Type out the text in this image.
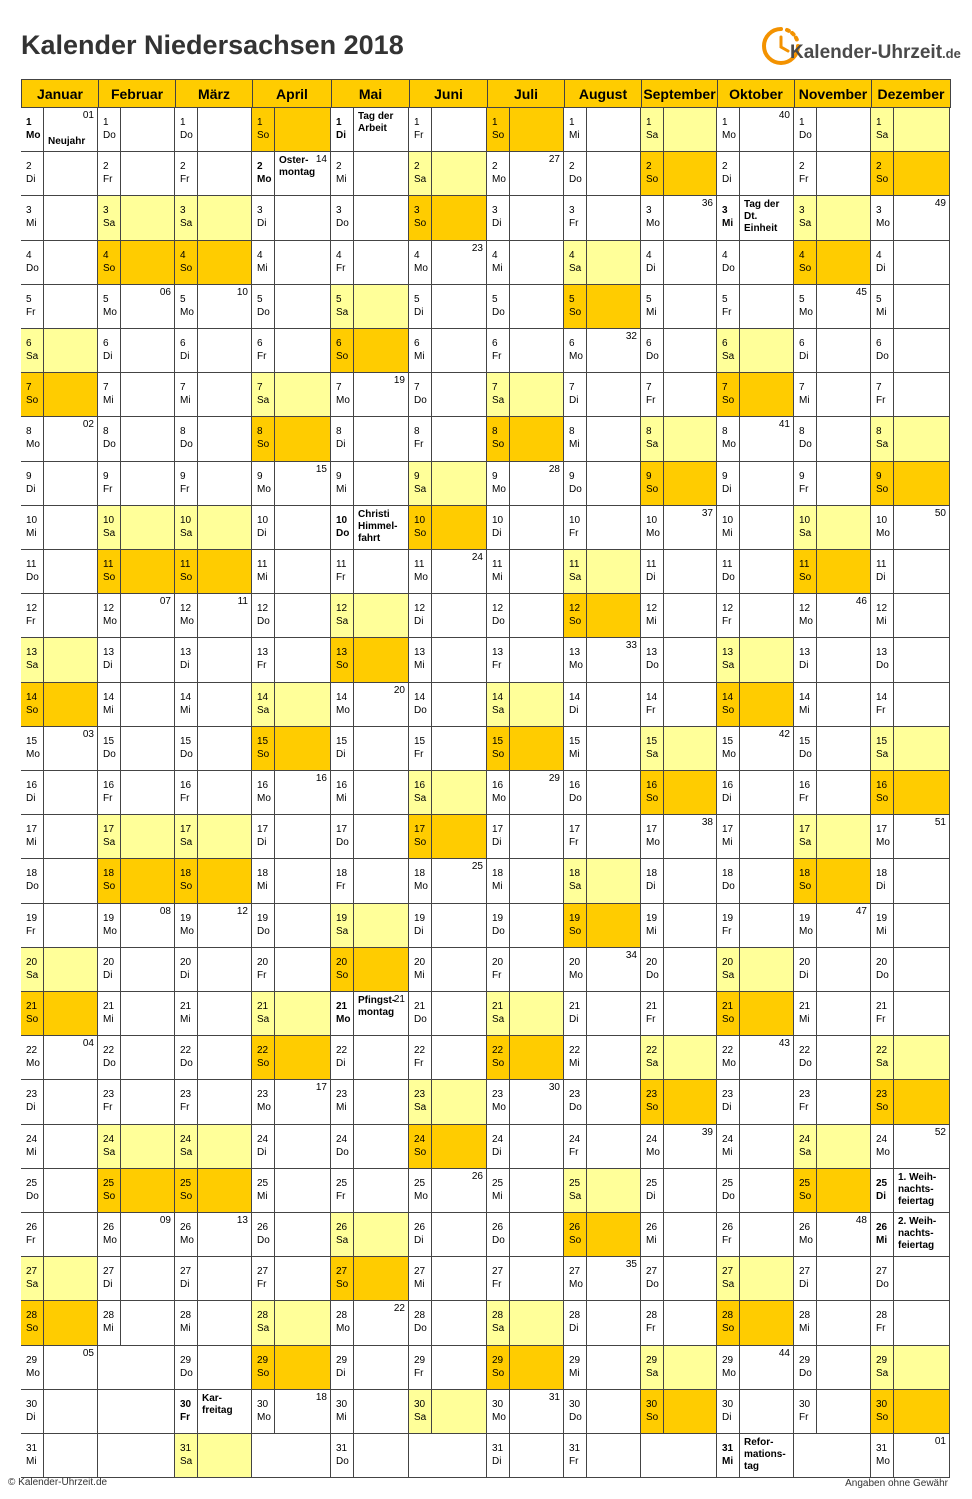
Kalender Niedersachsen 2018	Kalender-Uhrzeit.de
Januar
1
Mo
01
Neujahr
2
Di
3
Mi
4
Do
5
Fr
6
Sa
7
So
8
Mo
02
9
Di
10
Mi
11
Do
12
Fr
13
Sa
14
So
15
Mo
03
16
Di
17
Mi
18
Do
19
Fr
20
Sa
21
So
22
Mo
04
23
Di
24
Mi
25
Do
26
Fr
27
Sa
28
So
29
Mo
05
30
Di
31
Mi
Februar
1
Do
2
Fr
3
Sa
4
So
5
Mo
06
6
Di
7
Mi
8
Do
9
Fr
10
Sa
11
So
12
Mo
07
13
Di
14
Mi
15
Do
16
Fr
17
Sa
18
So
19
Mo
08
20
Di
21
Mi
22
Do
23
Fr
24
Sa
25
So
26
Mo
09
27
Di
28
Mi
März
1
Do
2
Fr
3
Sa
4
So
5
Mo
10
6
Di
7
Mi
8
Do
9
Fr
10
Sa
11
So
12
Mo
11
13
Di
14
Mi
15
Do
16
Fr
17
Sa
18
So
19
Mo
12
20
Di
21
Mi
22
Do
23
Fr
24
Sa
25
So
26
Mo
13
27
Di
28
Mi
29
Do
30
Fr
Kar-
freitag
31
Sa
April
1
So
2
Mo
14
Oster-
montag
3
Di
4
Mi
5
Do
6
Fr
7
Sa
8
So
9
Mo
15
10
Di
11
Mi
12
Do
13
Fr
14
Sa
15
So
16
Mo
16
17
Di
18
Mi
19
Do
20
Fr
21
Sa
22
So
23
Mo
17
24
Di
25
Mi
26
Do
27
Fr
28
Sa
29
So
30
Mo
18
Mai
1
Di
Tag der
Arbeit
2
Mi
3
Do
4
Fr
5
Sa
6
So
7
Mo
19
8
Di
9
Mi
10
Do
Christi
Himmel-
fahrt
11
Fr
12
Sa
13
So
14
Mo
20
15
Di
16
Mi
17
Do
18
Fr
19
Sa
20
So
21
Mo
21
Pfingst-
montag
22
Di
23
Mi
24
Do
25
Fr
26
Sa
27
So
28
Mo
22
29
Di
30
Mi
31
Do
Juni
1
Fr
2
Sa
3
So
4
Mo
23
5
Di
6
Mi
7
Do
8
Fr
9
Sa
10
So
11
Mo
24
12
Di
13
Mi
14
Do
15
Fr
16
Sa
17
So
18
Mo
25
19
Di
20
Mi
21
Do
22
Fr
23
Sa
24
So
25
Mo
26
26
Di
27
Mi
28
Do
29
Fr
30
Sa
Juli
1
So
2
Mo
27
3
Di
4
Mi
5
Do
6
Fr
7
Sa
8
So
9
Mo
28
10
Di
11
Mi
12
Do
13
Fr
14
Sa
15
So
16
Mo
29
17
Di
18
Mi
19
Do
20
Fr
21
Sa
22
So
23
Mo
30
24
Di
25
Mi
26
Do
27
Fr
28
Sa
29
So
30
Mo
31
31
Di
August
1
Mi
2
Do
3
Fr
4
Sa
5
So
6
Mo
32
7
Di
8
Mi
9
Do
10
Fr
11
Sa
12
So
13
Mo
33
14
Di
15
Mi
16
Do
17
Fr
18
Sa
19
So
20
Mo
34
21
Di
22
Mi
23
Do
24
Fr
25
Sa
26
So
27
Mo
35
28
Di
29
Mi
30
Do
31
Fr
September
1
Sa
2
So
3
Mo
36
4
Di
5
Mi
6
Do
7
Fr
8
Sa
9
So
10
Mo
37
11
Di
12
Mi
13
Do
14
Fr
15
Sa
16
So
17
Mo
38
18
Di
19
Mi
20
Do
21
Fr
22
Sa
23
So
24
Mo
39
25
Di
26
Mi
27
Do
28
Fr
29
Sa
30
So
Oktober
1
Mo
40
2
Di
3
Mi
Tag der
Dt.
Einheit
4
Do
5
Fr
6
Sa
7
So
8
Mo
41
9
Di
10
Mi
11
Do
12
Fr
13
Sa
14
So
15
Mo
42
16
Di
17
Mi
18
Do
19
Fr
20
Sa
21
So
22
Mo
43
23
Di
24
Mi
25
Do
26
Fr
27
Sa
28
So
29
Mo
44
30
Di
31
Mi
Refor-
mations-
tag
November
1
Do
2
Fr
3
Sa
4
So
5
Mo
45
6
Di
7
Mi
8
Do
9
Fr
10
Sa
11
So
12
Mo
46
13
Di
14
Mi
15
Do
16
Fr
17
Sa
18
So
19
Mo
47
20
Di
21
Mi
22
Do
23
Fr
24
Sa
25
So
26
Mo
48
27
Di
28
Mi
29
Do
30
Fr
Dezember
1
Sa
2
So
3
Mo
49
4
Di
5
Mi
6
Do
7
Fr
8
Sa
9
So
10
Mo
50
11
Di
12
Mi
13
Do
14
Fr
15
Sa
16
So
17
Mo
51
18
Di
19
Mi
20
Do
21
Fr
22
Sa
23
So
24
Mo
52
25
Di
1. Weih-
nachts-
feiertag
26
Mi
2. Weih-
nachts-
feiertag
27
Do
28
Fr
29
Sa
30
So
31
Mo
01
© Kalender-Uhrzeit.de	Angaben ohne Gewähr
